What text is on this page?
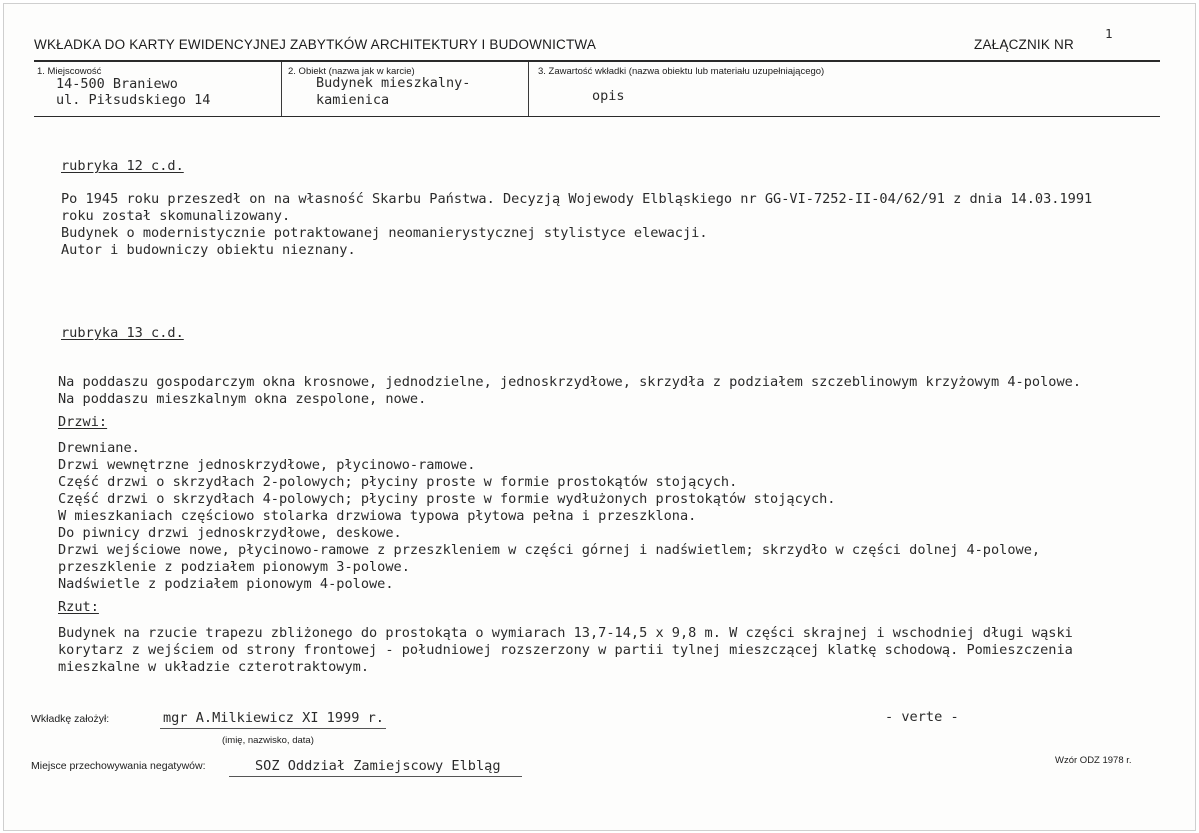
WKŁADKA DO KARTY EWIDENCYJNEJ ZABYTKÓW ARCHITEKTURY I BUDOWNICTWA	ZAŁĄCZNIK NR
1
1. Miejscowość
14-500 Braniewo
ul. Piłsudskiego 14
2. Obiekt (nazwa jak w karcie)
Budynek mieszkalny-
kamienica
3. Zawartość wkładki (nazwa obiektu lub materiału uzupełniającego)
opis
rubryka 12 c.d.
Po 1945 roku przeszedł on na własność Skarbu Państwa. Decyzją Wojewody Elbląskiego nr GG-VI-7252-II-04/62/91 z dnia 14.03.1991
roku został skomunalizowany.
Budynek o modernistycznie potraktowanej neomanierystycznej stylistyce elewacji.
Autor i budowniczy obiektu nieznany.
rubryka 13 c.d.
Na poddaszu gospodarczym okna krosnowe, jednodzielne, jednoskrzydłowe, skrzydła z podziałem szczeblinowym krzyżowym 4-polowe.
Na poddaszu mieszkalnym okna zespolone, nowe.
Drzwi:
Drewniane.
Drzwi wewnętrzne jednoskrzydłowe, płycinowo-ramowe.
Część drzwi o skrzydłach 2-polowych; płyciny proste w formie prostokątów stojących.
Część drzwi o skrzydłach 4-polowych; płyciny proste w formie wydłużonych prostokątów stojących.
W mieszkaniach częściowo stolarka drzwiowa typowa płytowa pełna i przeszklona.
Do piwnicy drzwi jednoskrzydłowe, deskowe.
Drzwi wejściowe nowe, płycinowo-ramowe z przeszkleniem w części górnej i nadświetlem; skrzydło w części dolnej 4-polowe,
przeszklenie z podziałem pionowym 3-polowe.
Nadświetle z podziałem pionowym 4-polowe.
Rzut:
Budynek na rzucie trapezu zbliżonego do prostokąta o wymiarach 13,7-14,5 x 9,8 m. W części skrajnej i wschodniej długi wąski
korytarz z wejściem od strony frontowej - południowej rozszerzony w partii tylnej mieszczącej klatkę schodową. Pomieszczenia
mieszkalne w układzie czterotraktowym.
Wkładkę założył:	mgr A.Milkiewicz XI 1999 r.
(imię, nazwisko, data)
- verte -
Miejsce przechowywania negatywów:	SOZ Oddział Zamiejscowy Elbląg	Wzór ODZ 1978 r.
